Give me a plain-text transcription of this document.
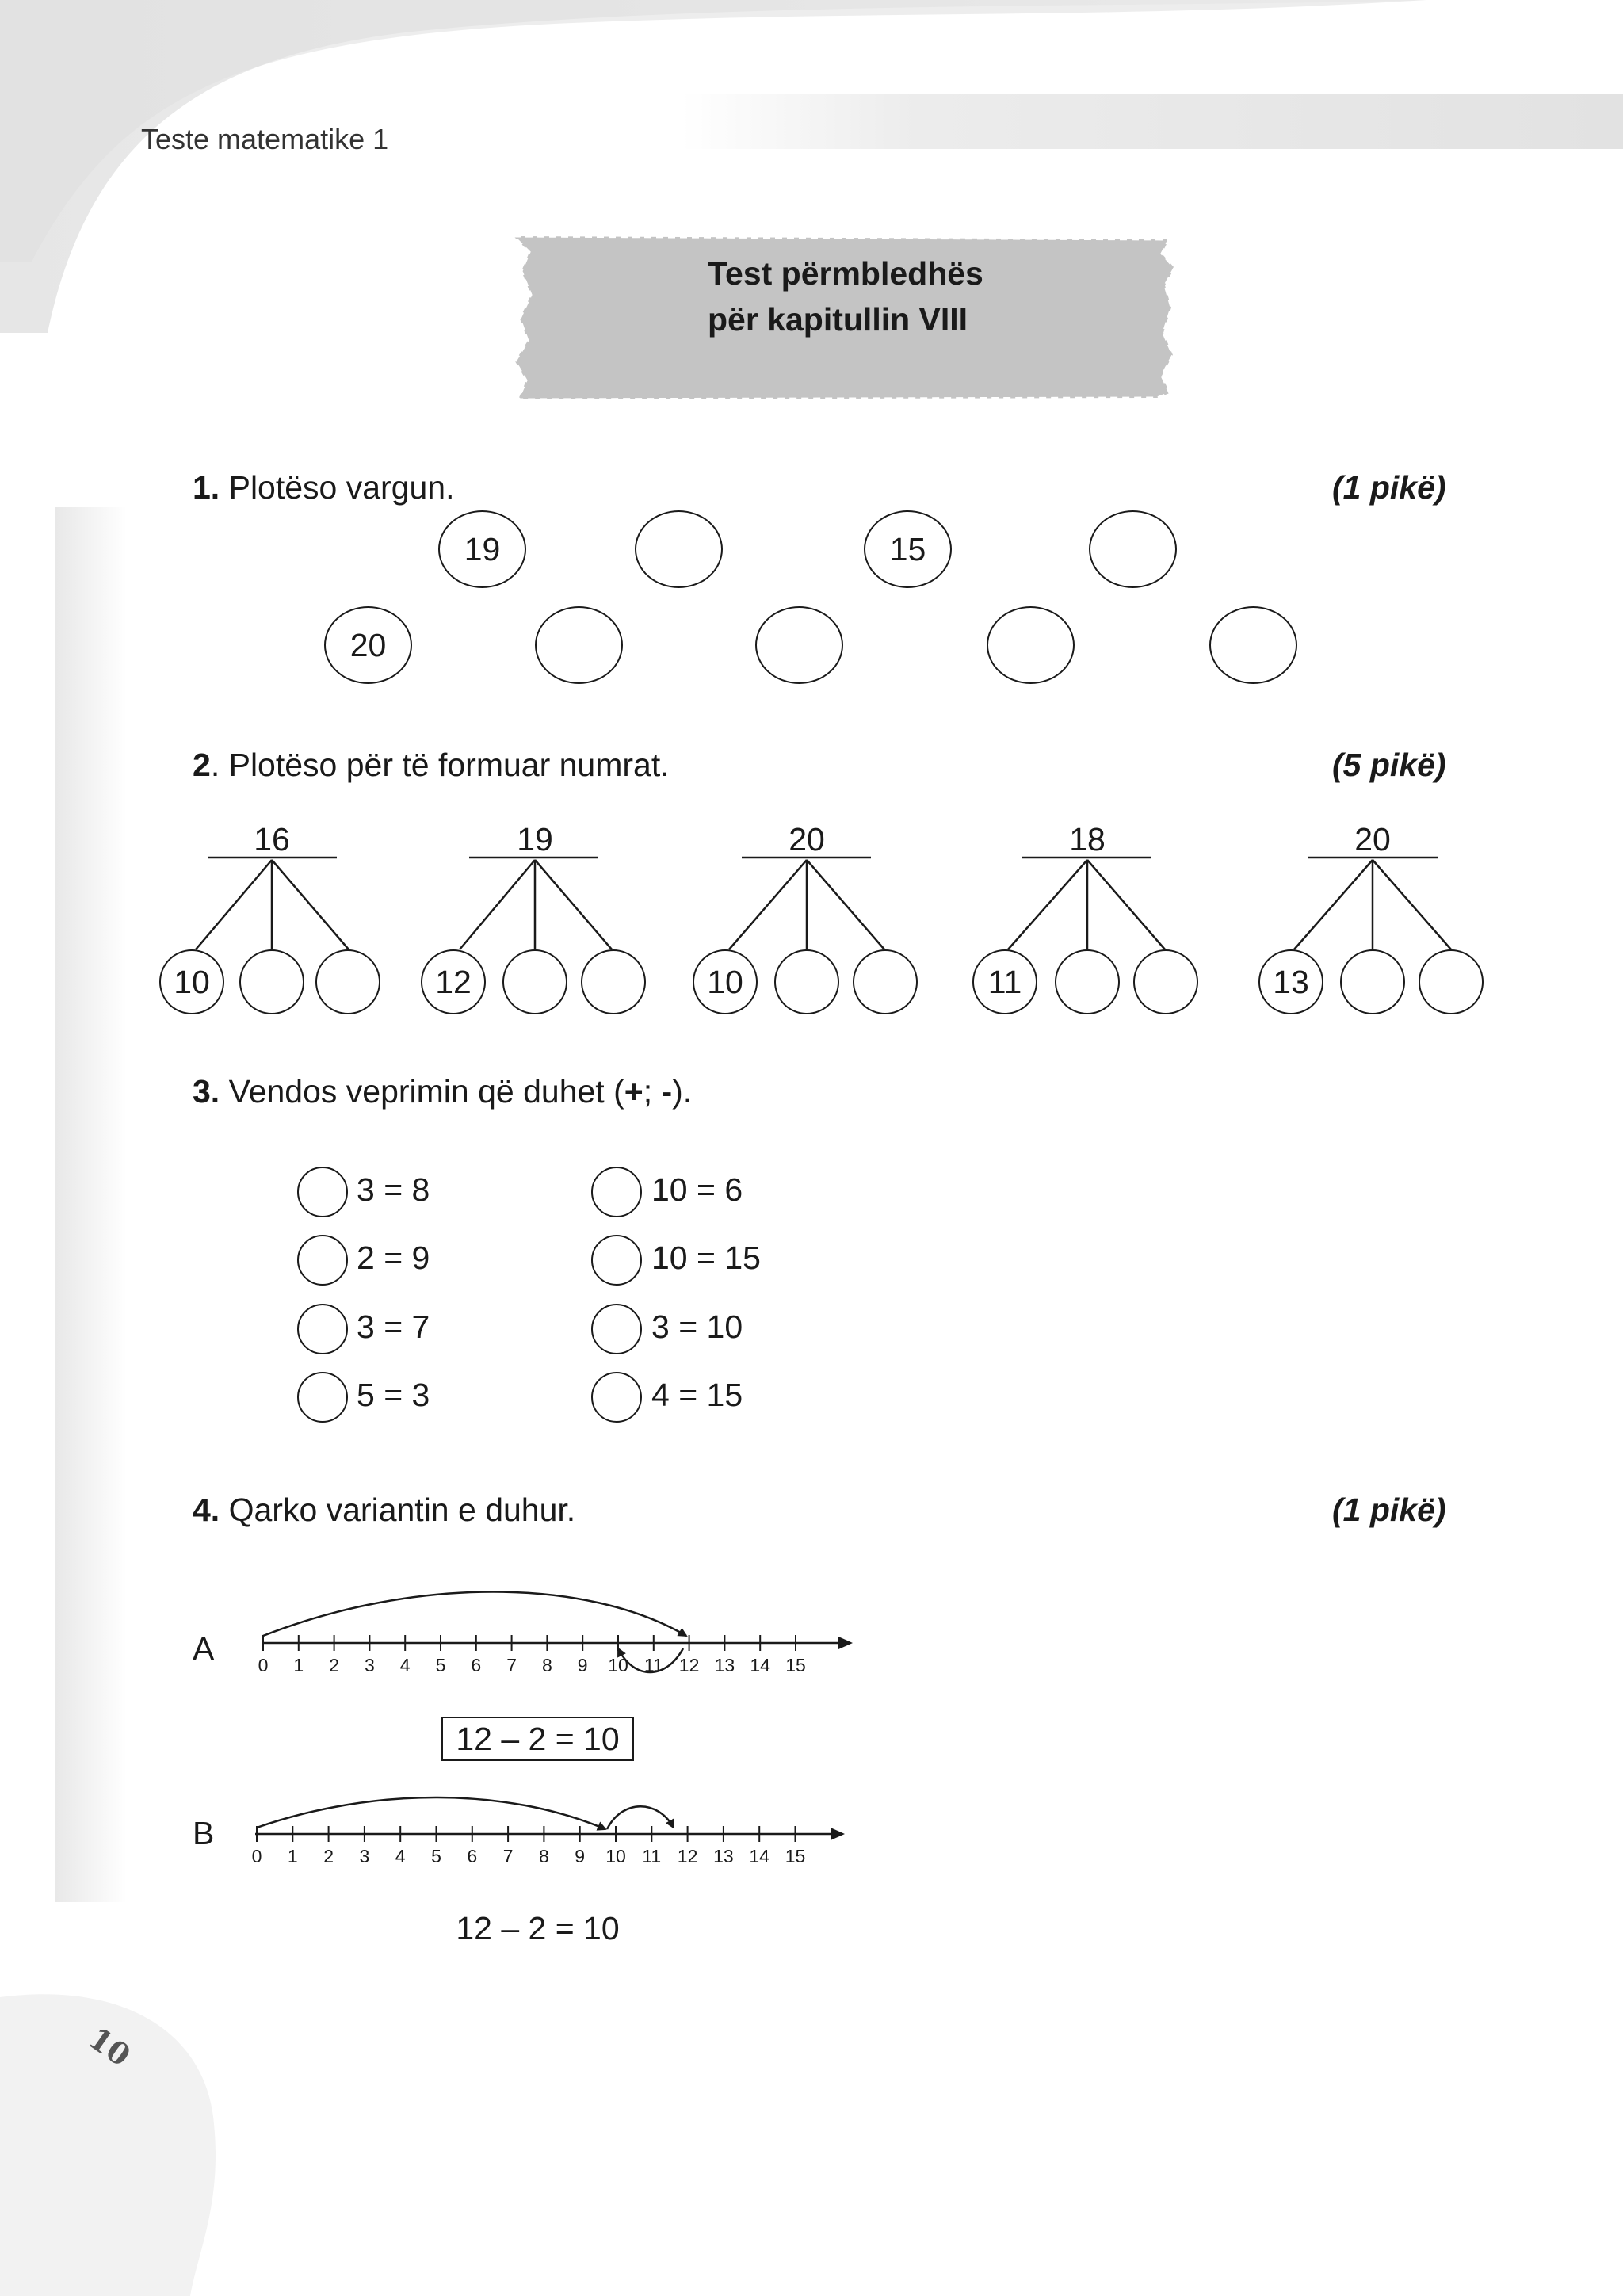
Teste matematike 1
Test përmbledhës
për kapitullin VIII
1. Plotëso vargun.	(1 pikë)
19	15
20
2. Plotëso për të formuar numrat.	(5 pikë)
16
10
19
12
20
10
18
11
20
13
3. Vendos veprimin që duhet (+; -).
3 = 8
2 = 9
3 = 7
5 = 3
10 = 6
10 = 15
3 = 10
4 = 15
4. Qarko variantin e duhur.	(1 pikë)
A 0 1 2 3 4 5 6 7 8 9 10 11 12 13 14 15
12 – 2 = 10
B
0 1 2 3 4 5 6 7 8 9 10 11 12 13 14 15
12 – 2 = 10
10
